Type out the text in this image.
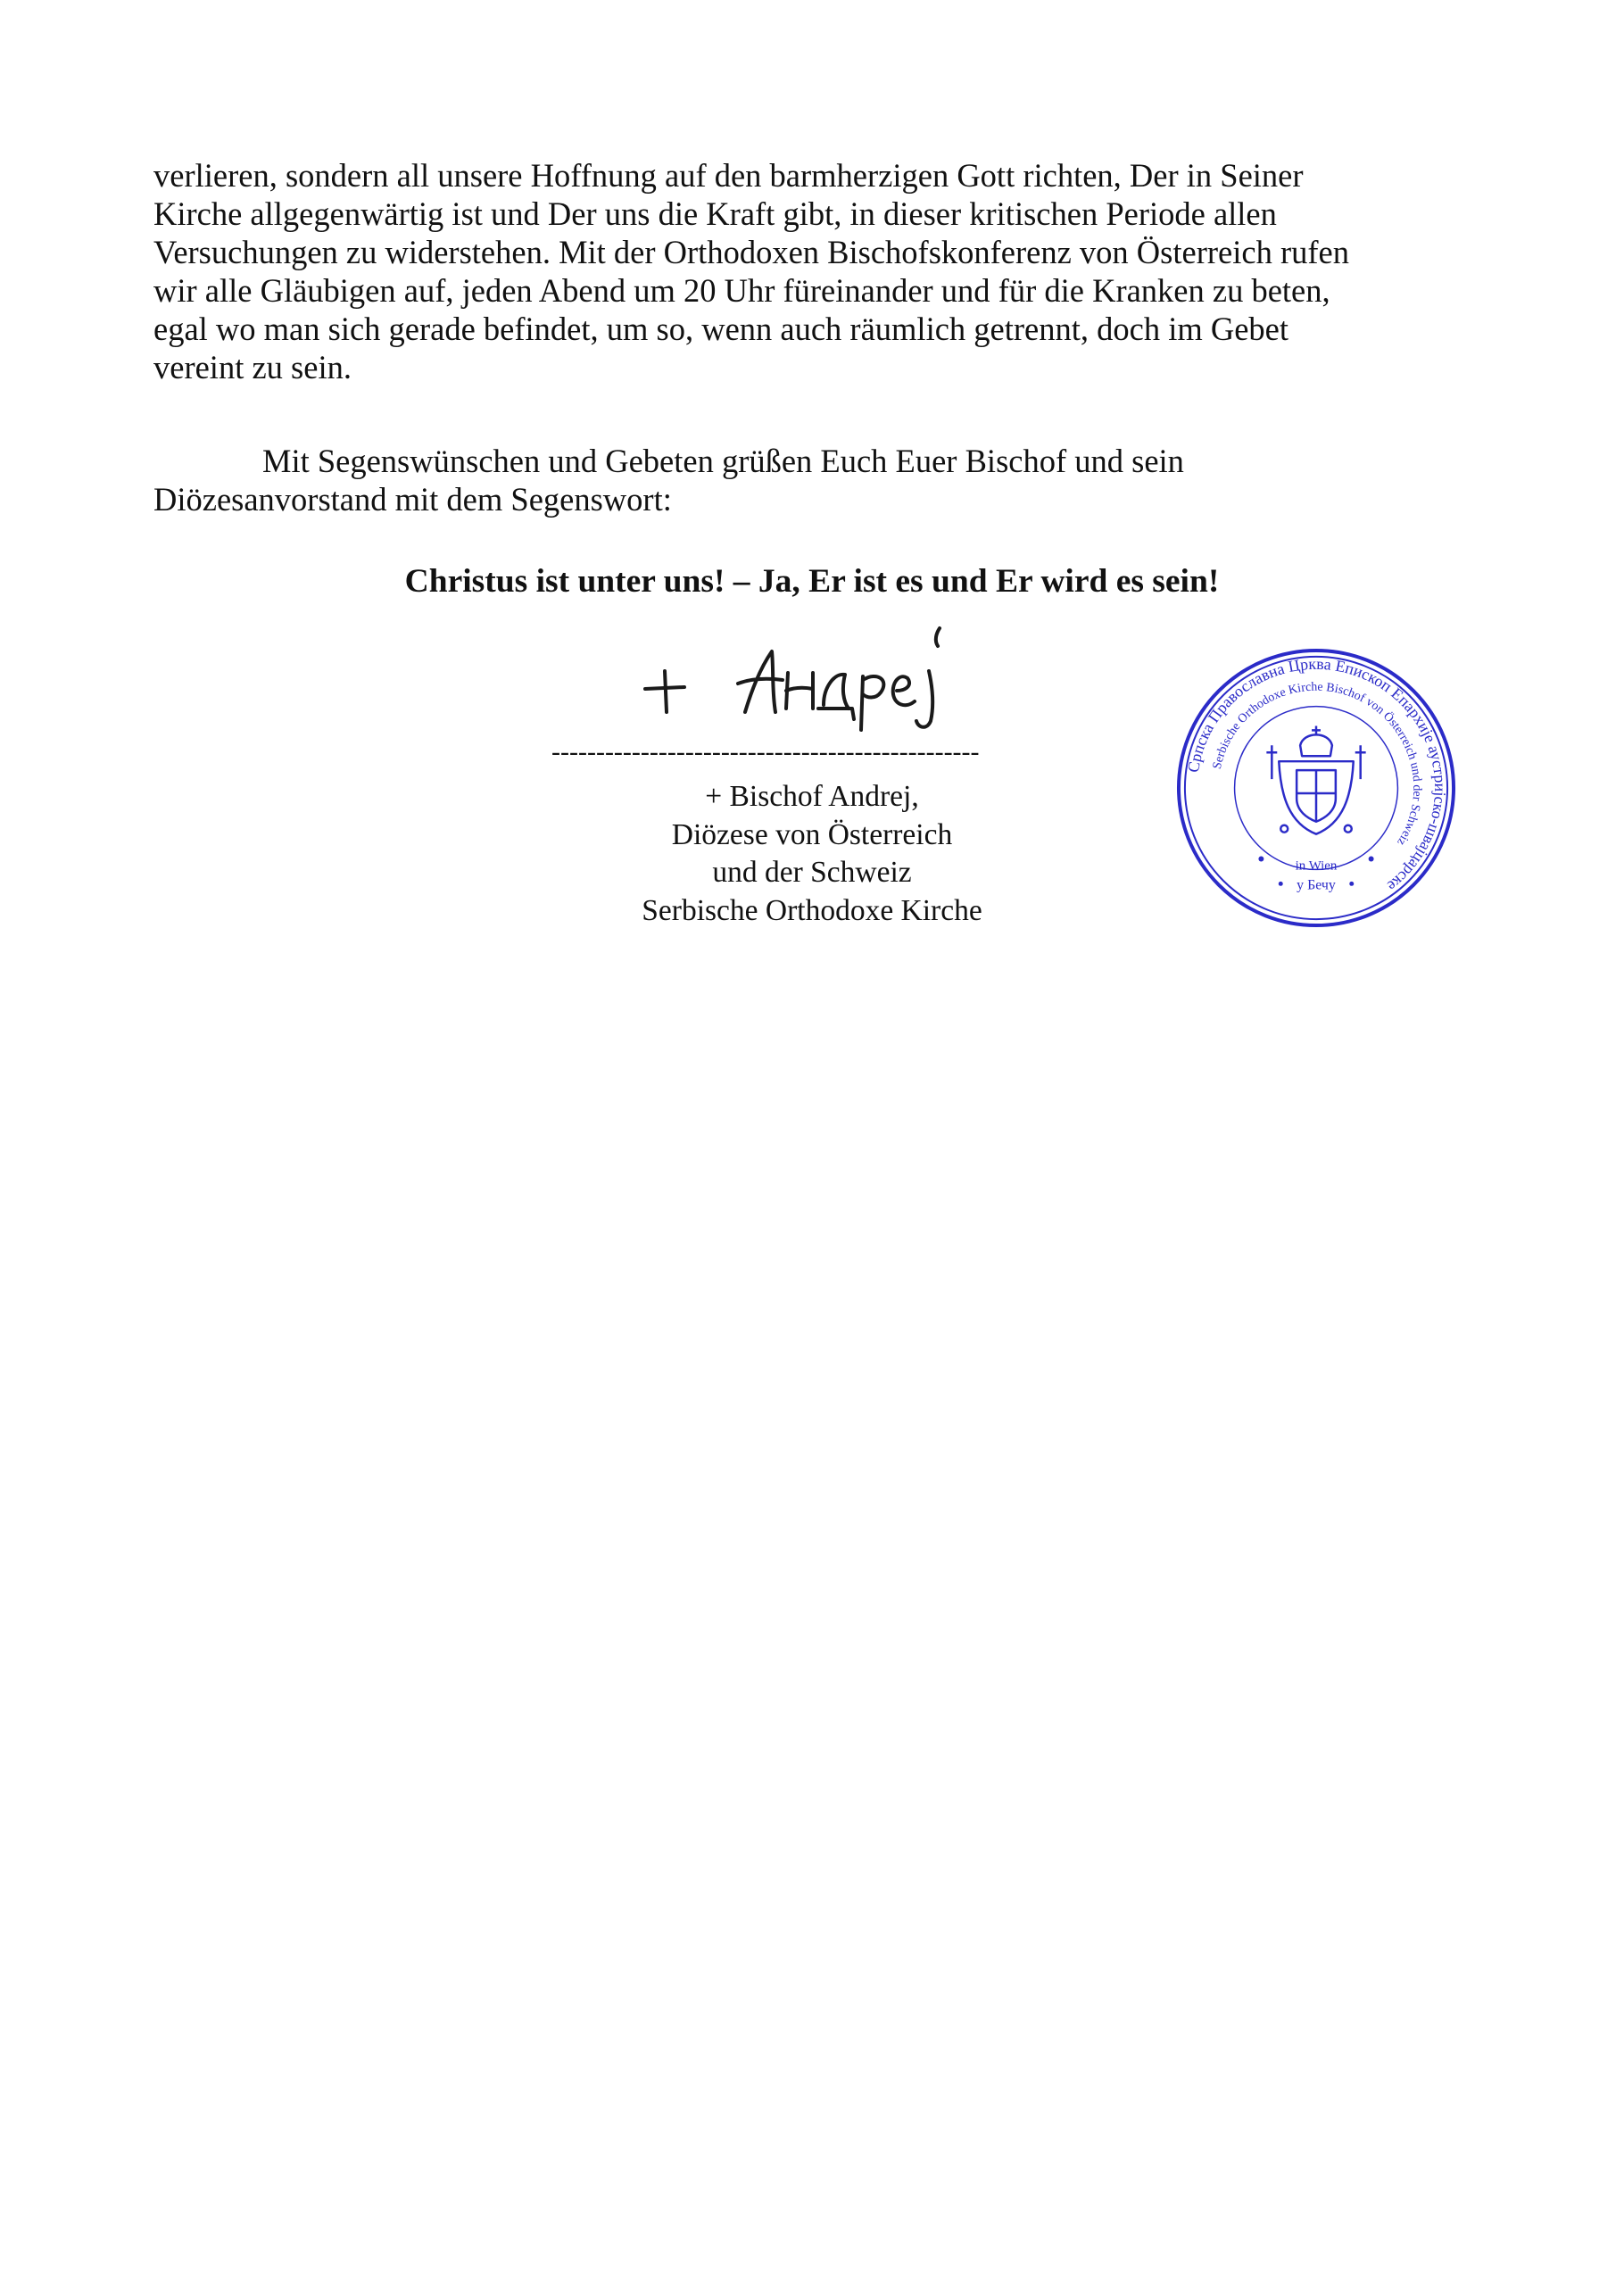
verlieren, sondern all unsere Hoffnung auf den barmherzigen Gott richten, Der in Seiner
Kirche allgegenwärtig ist und Der uns die Kraft gibt, in dieser kritischen Periode allen
Versuchungen zu widerstehen. Mit der Orthodoxen Bischofskonferenz von Österreich rufen
wir alle Gläubigen auf, jeden Abend um 20 Uhr füreinander und für die Kranken zu beten,
egal wo man sich gerade befindet, um so, wenn auch räumlich getrennt, doch im Gebet
vereint zu sein.
Mit Segenswünschen und Gebeten grüßen Euch Euer Bischof und sein
Diözesanvorstand mit dem Segenswort:
Christus ist unter uns! – Ja, Er ist es und Er wird es sein!
------------------------------------------------
+ Bischof Andrej,
Diözese von Österreich
und der Schweiz
Serbische Orthodoxe Kirche
Српска Православна Црква Епископ Епархије аустријско-швајцарске
Serbische Orthodoxe Kirche Bischof von Österreich und der Schweiz
in Wien
у Бечу
